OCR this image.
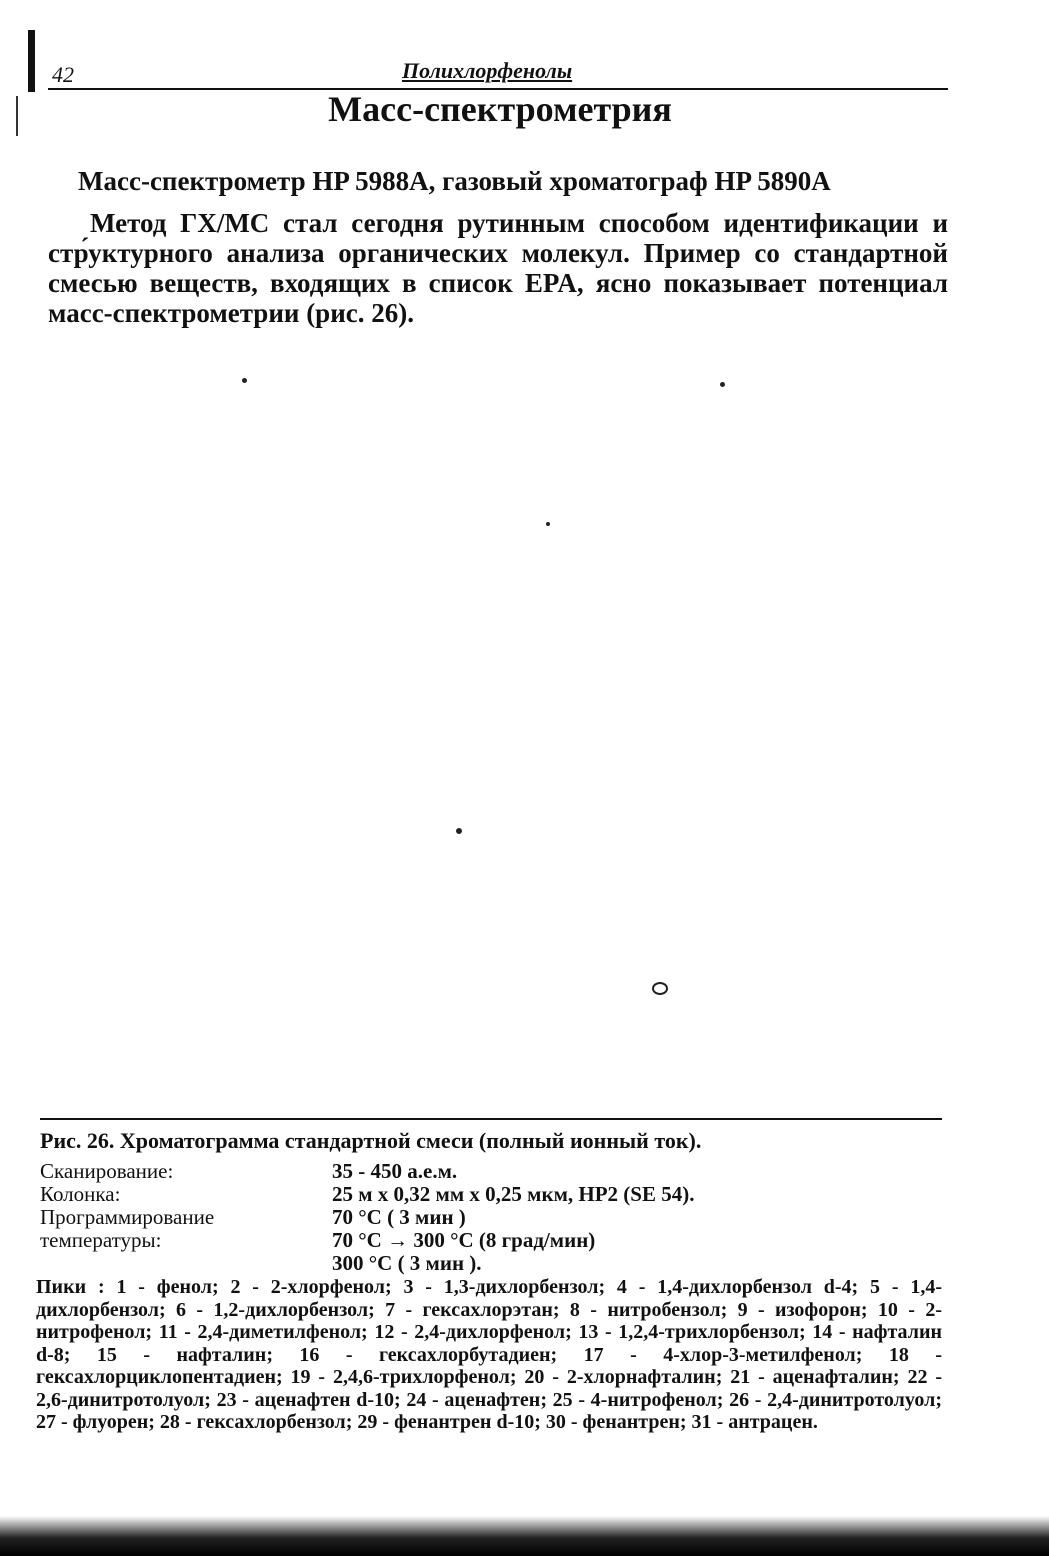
42	Полихлорфенолы
Масс-спектрометрия
Масс-спектрометр HP 5988A, газовый хроматограф HP 5890A
Метод ГХ/МС стал сегодня рутинным способом идентификации и стр́уктурного анализа органических молекул. Пример со стандартной смесью веществ, входящих в список EPA, ясно показывает потенциал масс-спектрометрии (рис. 26).
Рис. 26. Хроматограмма стандартной смеси (полный ионный ток).
Сканирование:	35 - 450 а.е.м.
Колонка:	25 м x 0,32 мм x 0,25 мкм, HP2 (SE 54).
Программирование	70 °C ( 3 мин )
температуры:	70 °C → 300 °C (8 град/мин)
300 °C ( 3 мин ).
Пики : 1 - фенол; 2 - 2-хлорфенол; 3 - 1,3-дихлорбензол; 4 - 1,4-дихлорбензол d-4; 5 - 1,4-дихлорбензол; 6 - 1,2-дихлорбензол; 7 - гексахлорэтан; 8 - нитробензол; 9 - изофорон; 10 - 2-нитрофенол; 11 - 2,4-диметилфенол; 12 - 2,4-дихлорфенол; 13 - 1,2,4-трихлорбензол; 14 - нафталин d-8; 15 - нафталин; 16 - гексахлорбутадиен; 17 - 4-хлор-3-метилфенол; 18 - гексахлорциклопентадиен; 19 - 2,4,6-трихлорфенол; 20 - 2-хлорнафталин; 21 - аценафталин; 22 - 2,6-динитротолуол; 23 - аценафтен d-10; 24 - аценафтен; 25 - 4-нитрофенол; 26 - 2,4-динитротолуол; 27 - флуорен; 28 - гексахлорбензол; 29 - фенантрен d-10; 30 - фенантрен; 31 - антрацен.
